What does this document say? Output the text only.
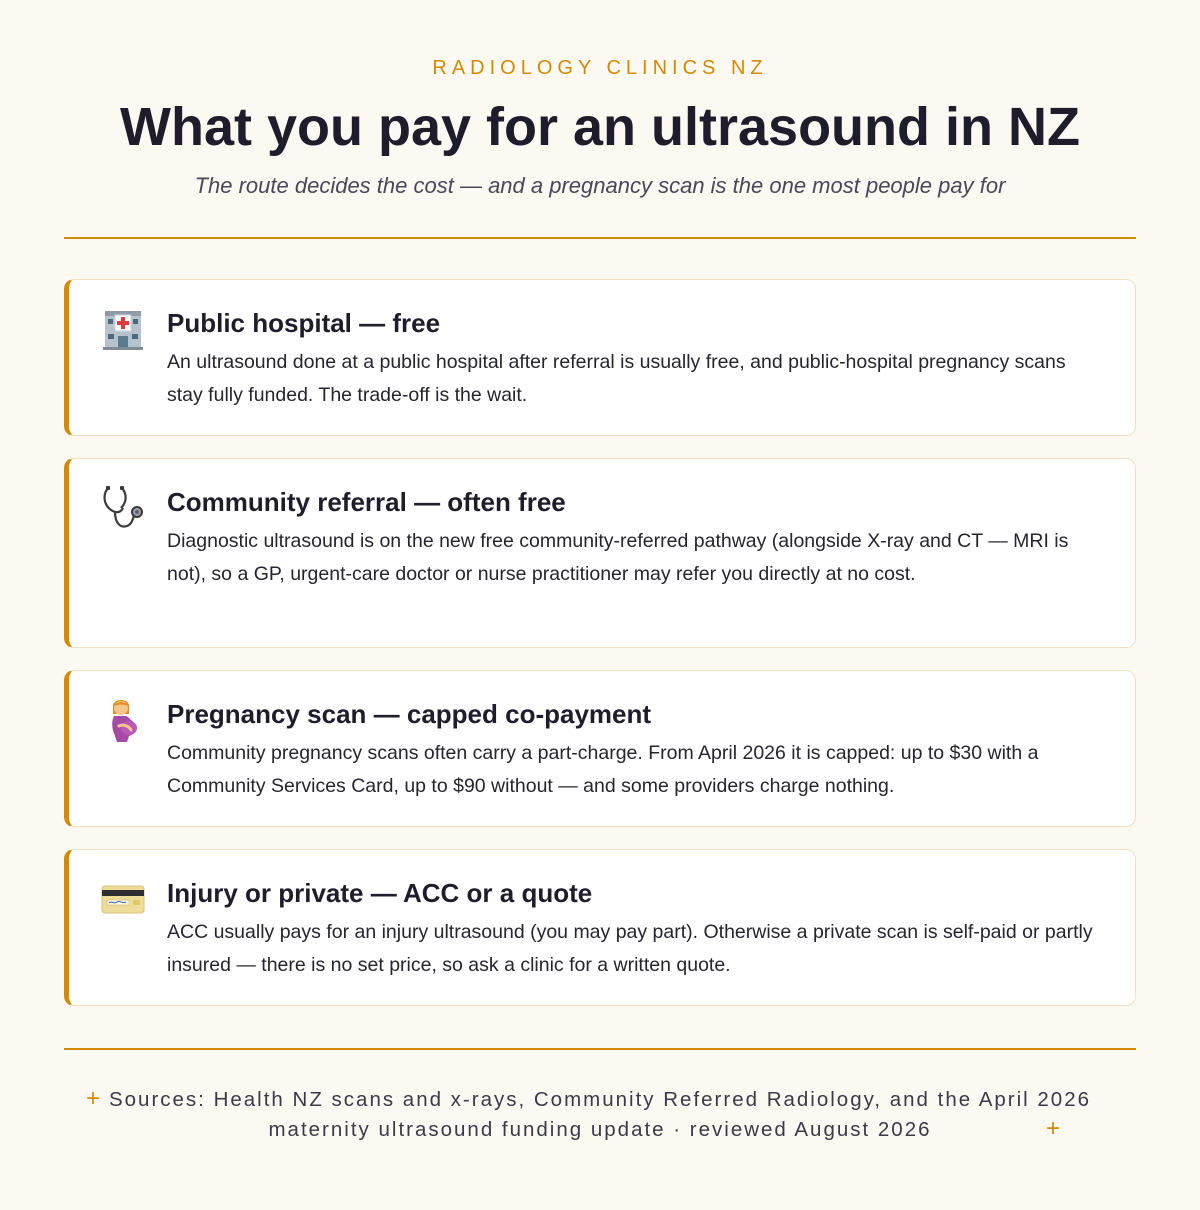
RADIOLOGY CLINICS NZ
What you pay for an ultrasound in NZ
The route decides the cost — and a pregnancy scan is the one most people pay for
Public hospital — free

An ultrasound done at a public hospital after referral is usually free, and public-hospital pregnancy scans stay fully funded. The trade-off is the wait.

Community referral — often free

Diagnostic ultrasound is on the new free community-referred pathway (alongside X-ray and CT — MRI is not), so a GP, urgent-care doctor or nurse practitioner may refer you directly at no cost.

Pregnancy scan — capped co-payment

Community pregnancy scans often carry a part-charge. From April 2026 it is capped: up to $30 with a Community Services Card, up to $90 without — and some providers charge nothing.

Injury or private — ACC or a quote

ACC usually pays for an injury ultrasound (you may pay part). Otherwise a private scan is self-paid or partly insured — there is no set price, so ask a clinic for a written quote.

+ Sources: Health NZ scans and x-rays, Community Referred Radiology, and the April 2026 maternity ultrasound funding update · reviewed August 2026	+
